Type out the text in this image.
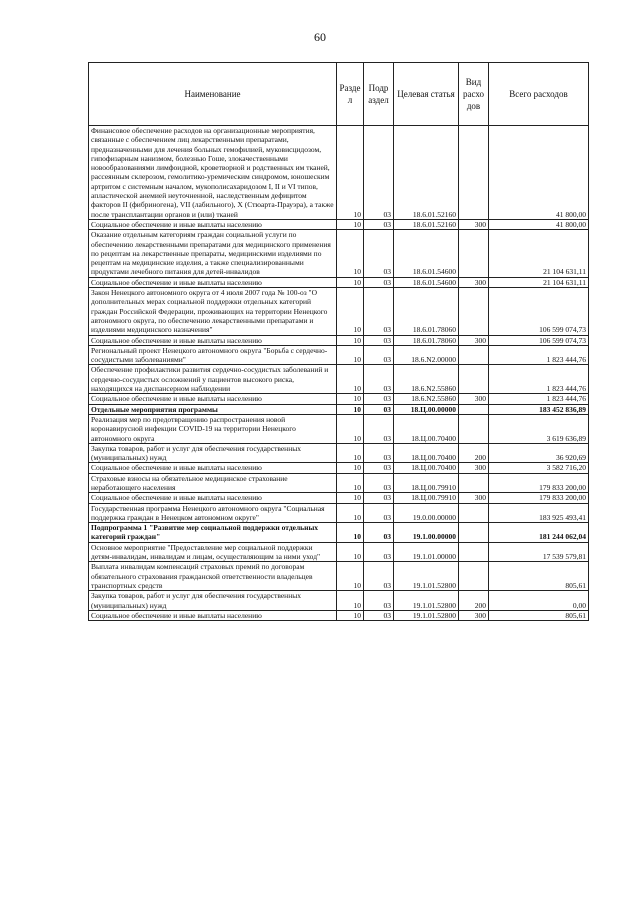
60
Наименование	Разде л	Подр аздел	Целевая статья	Вид расхо дов	Всего расходов
Финансовое обеспечение расходов на организационные мероприятия, связанные с обеспечением лиц лекарственными препаратами, предназначенными для лечения больных гемофилией, муковисцидозом, гипофизарным нанизмом, болезнью Гоше, злокачественными новообразованиями лимфоидной, кроветворной и родственных им тканей, рассеянным склерозом, гемолитико-уремическим синдромом, юношеским артритом с системным началом, мукополисахаридозом I, II и VI типов, апластической анемией неуточненной, наследственным дефицитом факторов II (фибриногена), VII (лабильного), X (Стюарта-Прауэра), а также после трансплантации органов и (или) тканей	10	03	18.6.01.52160		41 800,00
Социальное обеспечение и иные выплаты населению	10	03	18.6.01.52160	300	41 800,00
Оказание отдельным категориям граждан социальной услуги по обеспечению лекарственными препаратами для медицинского применения по рецептам на лекарственные препараты, медицинскими изделиями по рецептам на медицинские изделия, а также специализированными продуктами лечебного питания для детей-инвалидов	10	03	18.6.01.54600		21 104 631,11
Социальное обеспечение и иные выплаты населению	10	03	18.6.01.54600	300	21 104 631,11
Закон Ненецкого автономного округа от 4 июля 2007 года № 100-оз "О дополнительных мерах социальной поддержки отдельных категорий граждан Российской Федерации, проживающих на территории Ненецкого автономного округа, по обеспечению лекарственными препаратами и изделиями медицинского назначения"	10	03	18.6.01.78060		106 599 074,73
Социальное обеспечение и иные выплаты населению	10	03	18.6.01.78060	300	106 599 074,73
Региональный проект Ненецкого автономного округа "Борьба с сердечно-сосудистыми заболеваниями"	10	03	18.6.N2.00000		1 823 444,76
Обеспечение профилактики развития сердечно-сосудистых заболеваний и сердечно-сосудистых осложнений у пациентов высокого риска, находящихся на диспансерном наблюдении	10	03	18.6.N2.55860		1 823 444,76
Социальное обеспечение и иные выплаты населению	10	03	18.6.N2.55860	300	1 823 444,76
Отдельные мероприятия программы	10	03	18.Ц.00.00000		183 452 836,89
Реализация мер по предотвращению распространения новой коронавирусной инфекции COVID-19 на территории Ненецкого автономного округа	10	03	18.Ц.00.70400		3 619 636,89
Закупка товаров, работ и услуг для обеспечения государственных (муниципальных) нужд	10	03	18.Ц.00.70400	200	36 920,69
Социальное обеспечение и иные выплаты населению	10	03	18.Ц.00.70400	300	3 582 716,20
Страховые взносы на обязательное медицинское страхование неработающего населения	10	03	18.Ц.00.79910		179 833 200,00
Социальное обеспечение и иные выплаты населению	10	03	18.Ц.00.79910	300	179 833 200,00
Государственная программа Ненецкого автономного округа "Социальная поддержка граждан в Ненецком автономном округе"	10	03	19.0.00.00000		183 925 493,41
Подпрограмма 1 "Развитие мер социальной поддержки отдельных категорий граждан"	10	03	19.1.00.00000		181 244 062,04
Основное мероприятие "Предоставление мер социальной поддержки детям-инвалидам, инвалидам и лицам, осуществляющим за ними уход"	10	03	19.1.01.00000		17 539 579,81
Выплата инвалидам компенсаций страховых премий по договорам обязательного страхования гражданской ответственности владельцев транспортных средств	10	03	19.1.01.52800		805,61
Закупка товаров, работ и услуг для обеспечения государственных (муниципальных) нужд	10	03	19.1.01.52800	200	0,00
Социальное обеспечение и иные выплаты населению	10	03	19.1.01.52800	300	805,61
